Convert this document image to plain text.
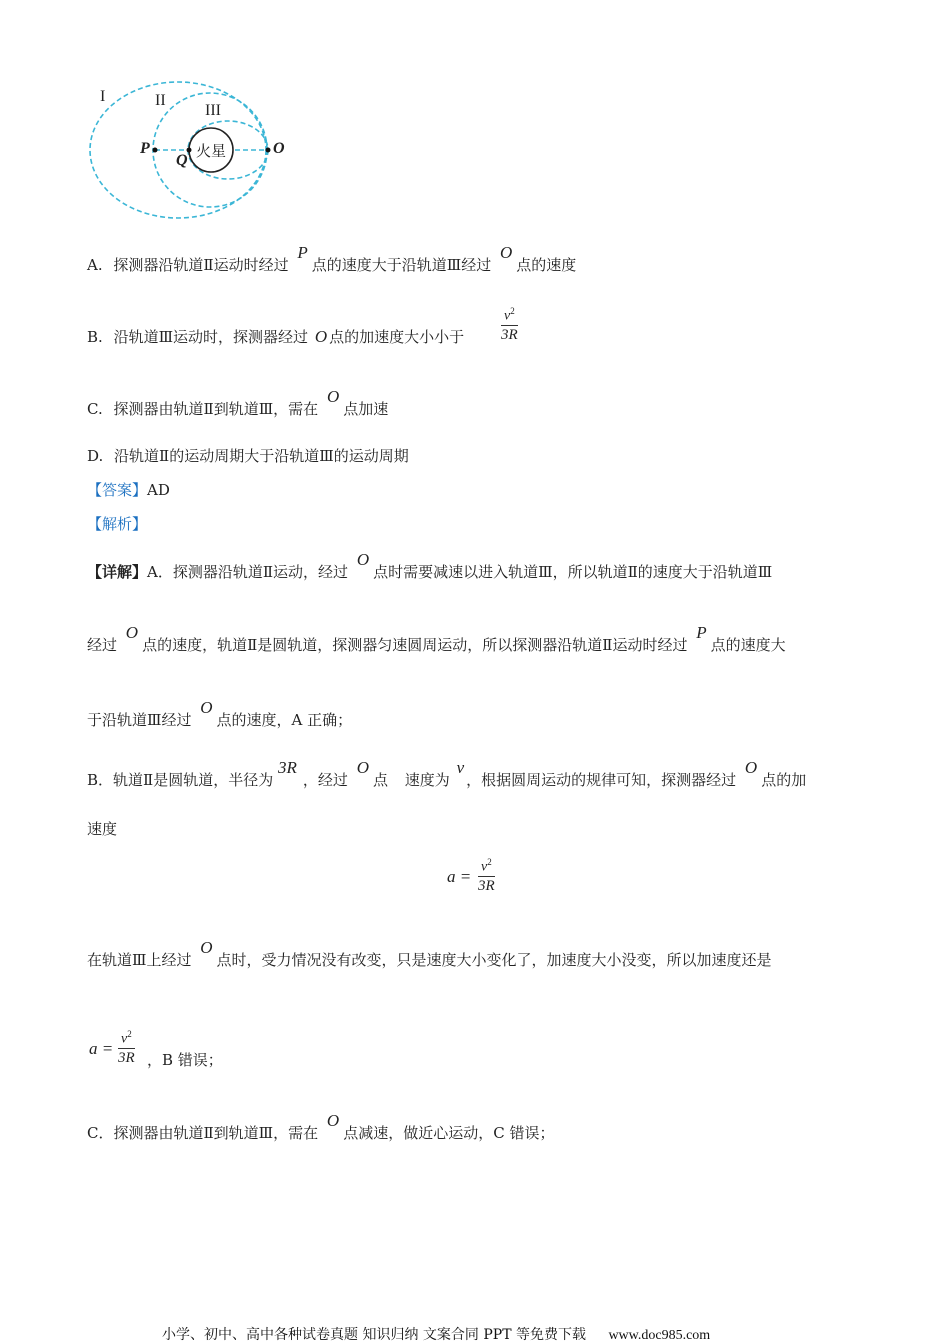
I	II
III
P
Q
O
火星
A. 探测器沿轨道Ⅱ运动时经过 P点的速度大于沿轨道Ⅲ经过 O点的速度
B. 沿轨道Ⅲ运动时，探测器经过 O 点的加速度大小小于
$v^2$
3R
C. 探测器由轨道Ⅱ到轨道Ⅲ，需在 O点加速
D. 沿轨道Ⅱ的运动周期大于沿轨道Ⅲ的运动周期
【答案】AD
【解析】
【详解】A．探测器沿轨道Ⅱ运动，经过 O点时需要减速以进入轨道Ⅲ，所以轨道Ⅱ的速度大于沿轨道Ⅲ
经过 O点的速度，轨道Ⅱ是圆轨道，探测器匀速圆周运动，所以探测器沿轨道Ⅱ运动时经过 P点的速度大
于沿轨道Ⅲ经过 O点的速度，A 正确；
B．轨道Ⅱ是圆轨道，半径为 3R，经过 O点 速度为 v，根据圆周运动的规律可知，探测器经过 O点的加
速度
$a = v^2$
3R
在轨道Ⅲ上经过 O点时，受力情况没有改变，只是速度大小变化了，加速度大小没变，所以加速度还是
$a = v^2$
3R ，B 错误；
C．探测器由轨道Ⅱ到轨道Ⅲ，需在 O点减速，做近心运动，C 错误；
小学、初中、高中各种试卷真题 知识归纳 文案合同 PPT 等免费下载 www.doc985.com
